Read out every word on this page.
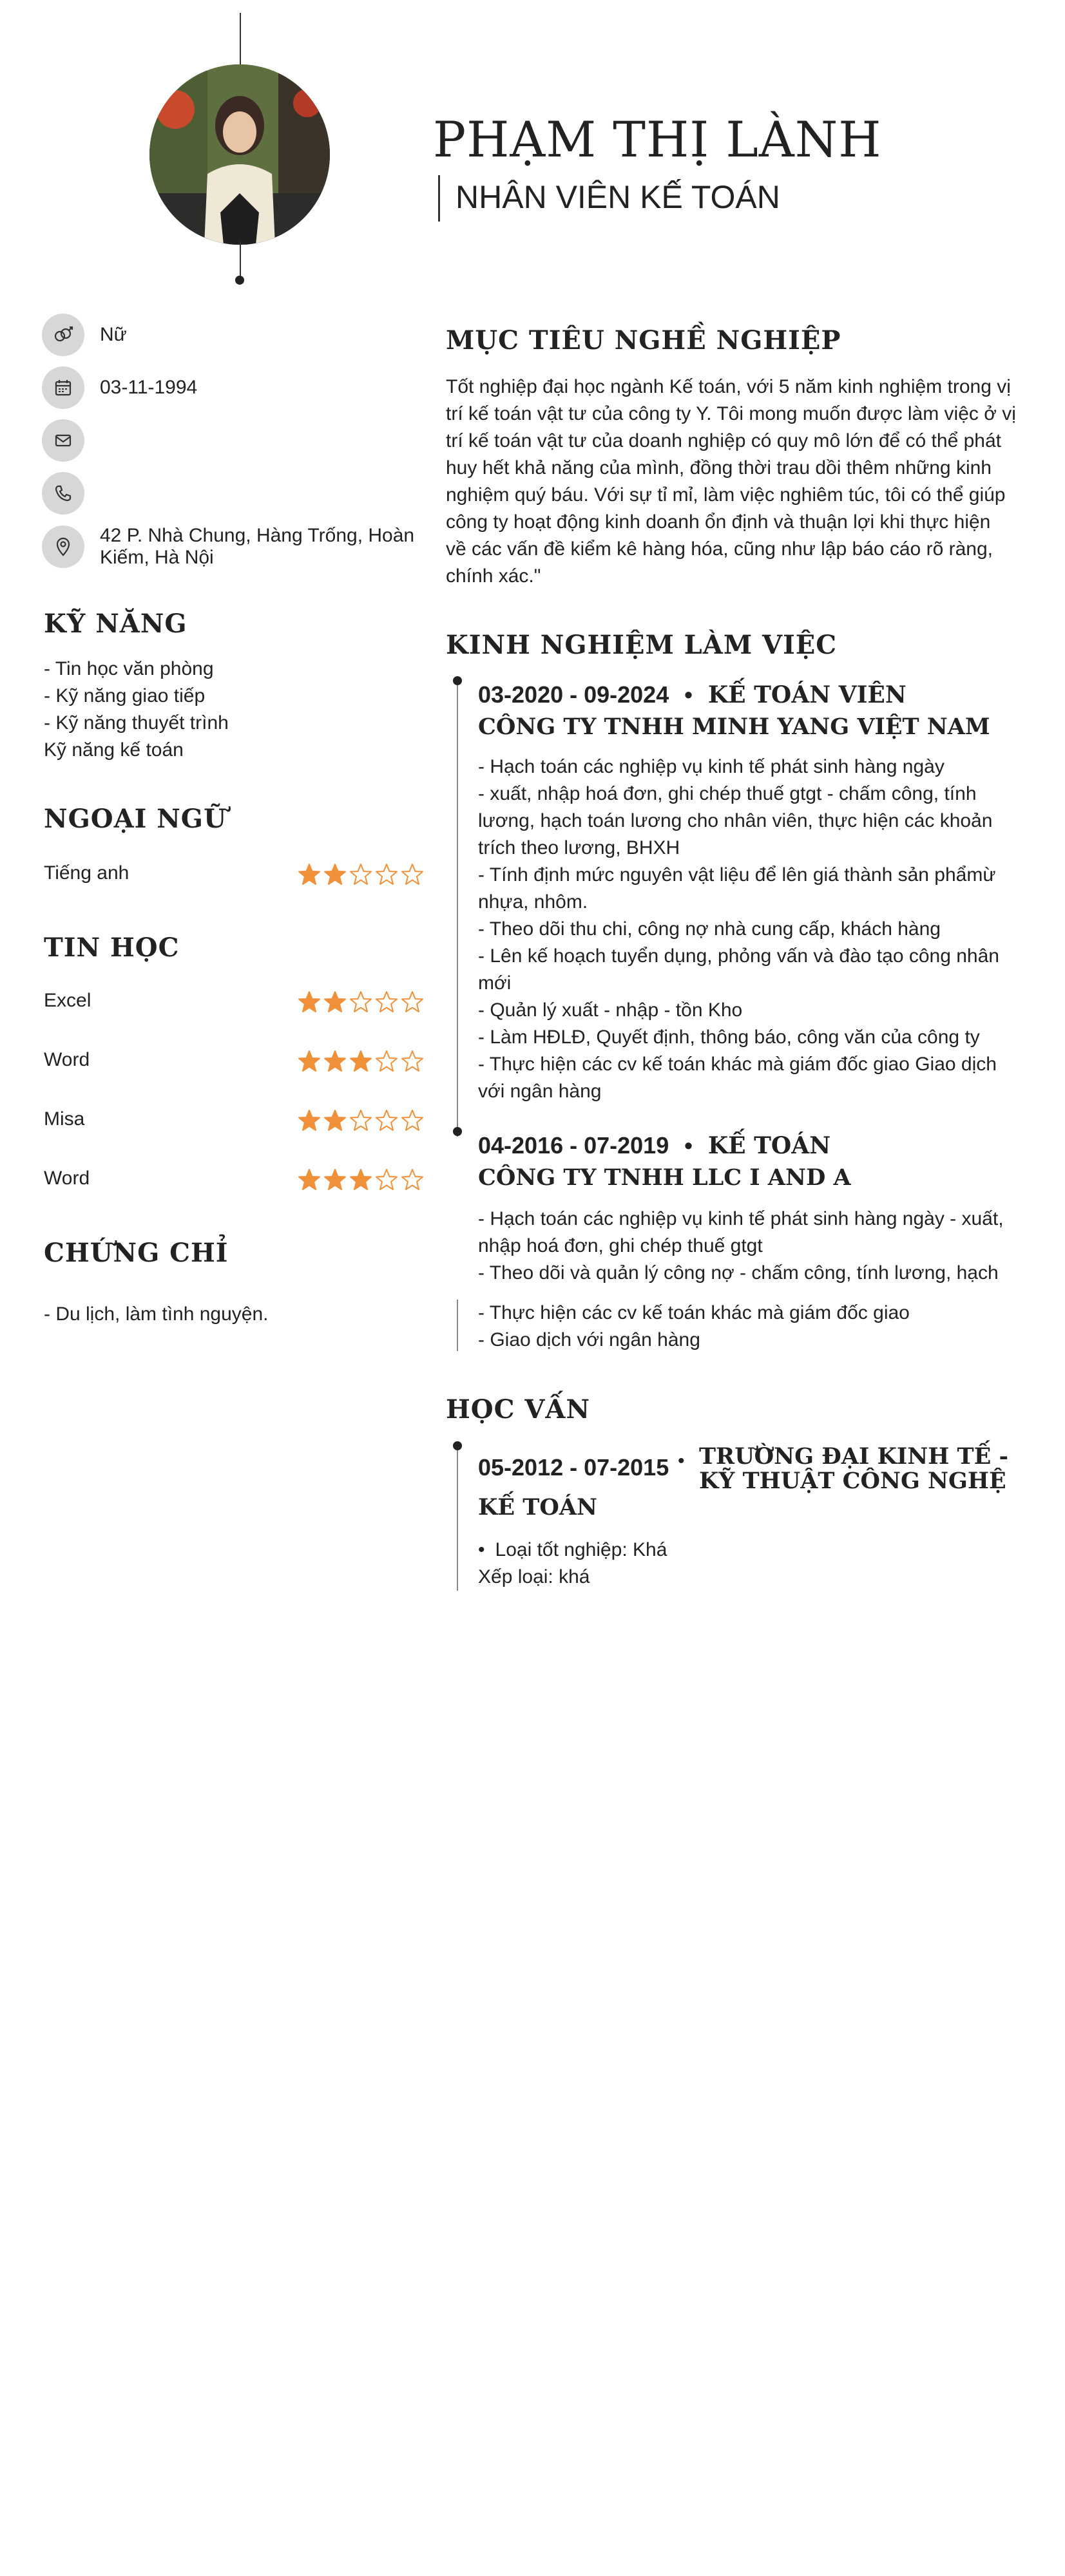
PHẠM THỊ LÀNH
NHÂN VIÊN KẾ TOÁN
Nữ
03-11-1994
42 P. Nhà Chung, Hàng Trống, Hoàn Kiếm, Hà Nội
KỸ NĂNG
- Tin học văn phòng
- Kỹ năng giao tiếp
- Kỹ năng thuyết trình
Kỹ năng kế toán
NGOẠI NGỮ
Tiếng anh
TIN HỌC
Excel
Word
Misa
Word
CHỨNG CHỈ
- Du lịch, làm tình nguyện.
MỤC TIÊU NGHỀ NGHIỆP
Tốt nghiệp đại học ngành Kế toán, với 5 năm kinh nghiệm trong vị
trí kế toán vật tư của công ty Y. Tôi mong muốn được làm việc ở vị
trí kế toán vật tư của doanh nghiệp có quy mô lớn để có thể phát
huy hết khả năng của mình, đồng thời trau dồi thêm những kinh
nghiệm quý báu. Với sự tỉ mỉ, làm việc nghiêm túc, tôi có thể giúp
công ty hoạt động kinh doanh ổn định và thuận lợi khi thực hiện
về các vấn đề kiểm kê hàng hóa, cũng như lập báo cáo rõ ràng,
chính xác."
KINH NGHIỆM LÀM VIỆC
03-2020 - 09-2024 • KẾ TOÁN VIÊN
CÔNG TY TNHH MINH YANG VIỆT NAM
- Hạch toán các nghiệp vụ kinh tế phát sinh hàng ngày
- xuất, nhập hoá đơn, ghi chép thuế gtgt - chấm công, tính
lương, hạch toán lương cho nhân viên, thực hiện các khoản
trích theo lương, BHXH
- Tính định mức nguyên vật liệu để lên giá thành sản phẩmừ
nhựa, nhôm.
- Theo dõi thu chi, công nợ nhà cung cấp, khách hàng
- Lên kế hoạch tuyển dụng, phỏng vấn và đào tạo công nhân
mới
- Quản lý xuất - nhập - tồn Kho
- Làm HĐLĐ, Quyết định, thông báo, công văn của công ty
- Thực hiện các cv kế toán khác mà giám đốc giao Giao dịch
với ngân hàng
04-2016 - 07-2019 • KẾ TOÁN
CÔNG TY TNHH LLC I AND A
- Hạch toán các nghiệp vụ kinh tế phát sinh hàng ngày - xuất,
nhập hoá đơn, ghi chép thuế gtgt
- Theo dõi và quản lý công nợ - chấm công, tính lương, hạch
- Thực hiện các cv kế toán khác mà giám đốc giao
- Giao dịch với ngân hàng
HỌC VẤN
05-2012 - 07-2015 • TRƯỜNG ĐẠI KINH TẾ - KỸ THUẬT CÔNG NGHỆ
KẾ TOÁN
• Loại tốt nghiệp: Khá
Xếp loại: khá
